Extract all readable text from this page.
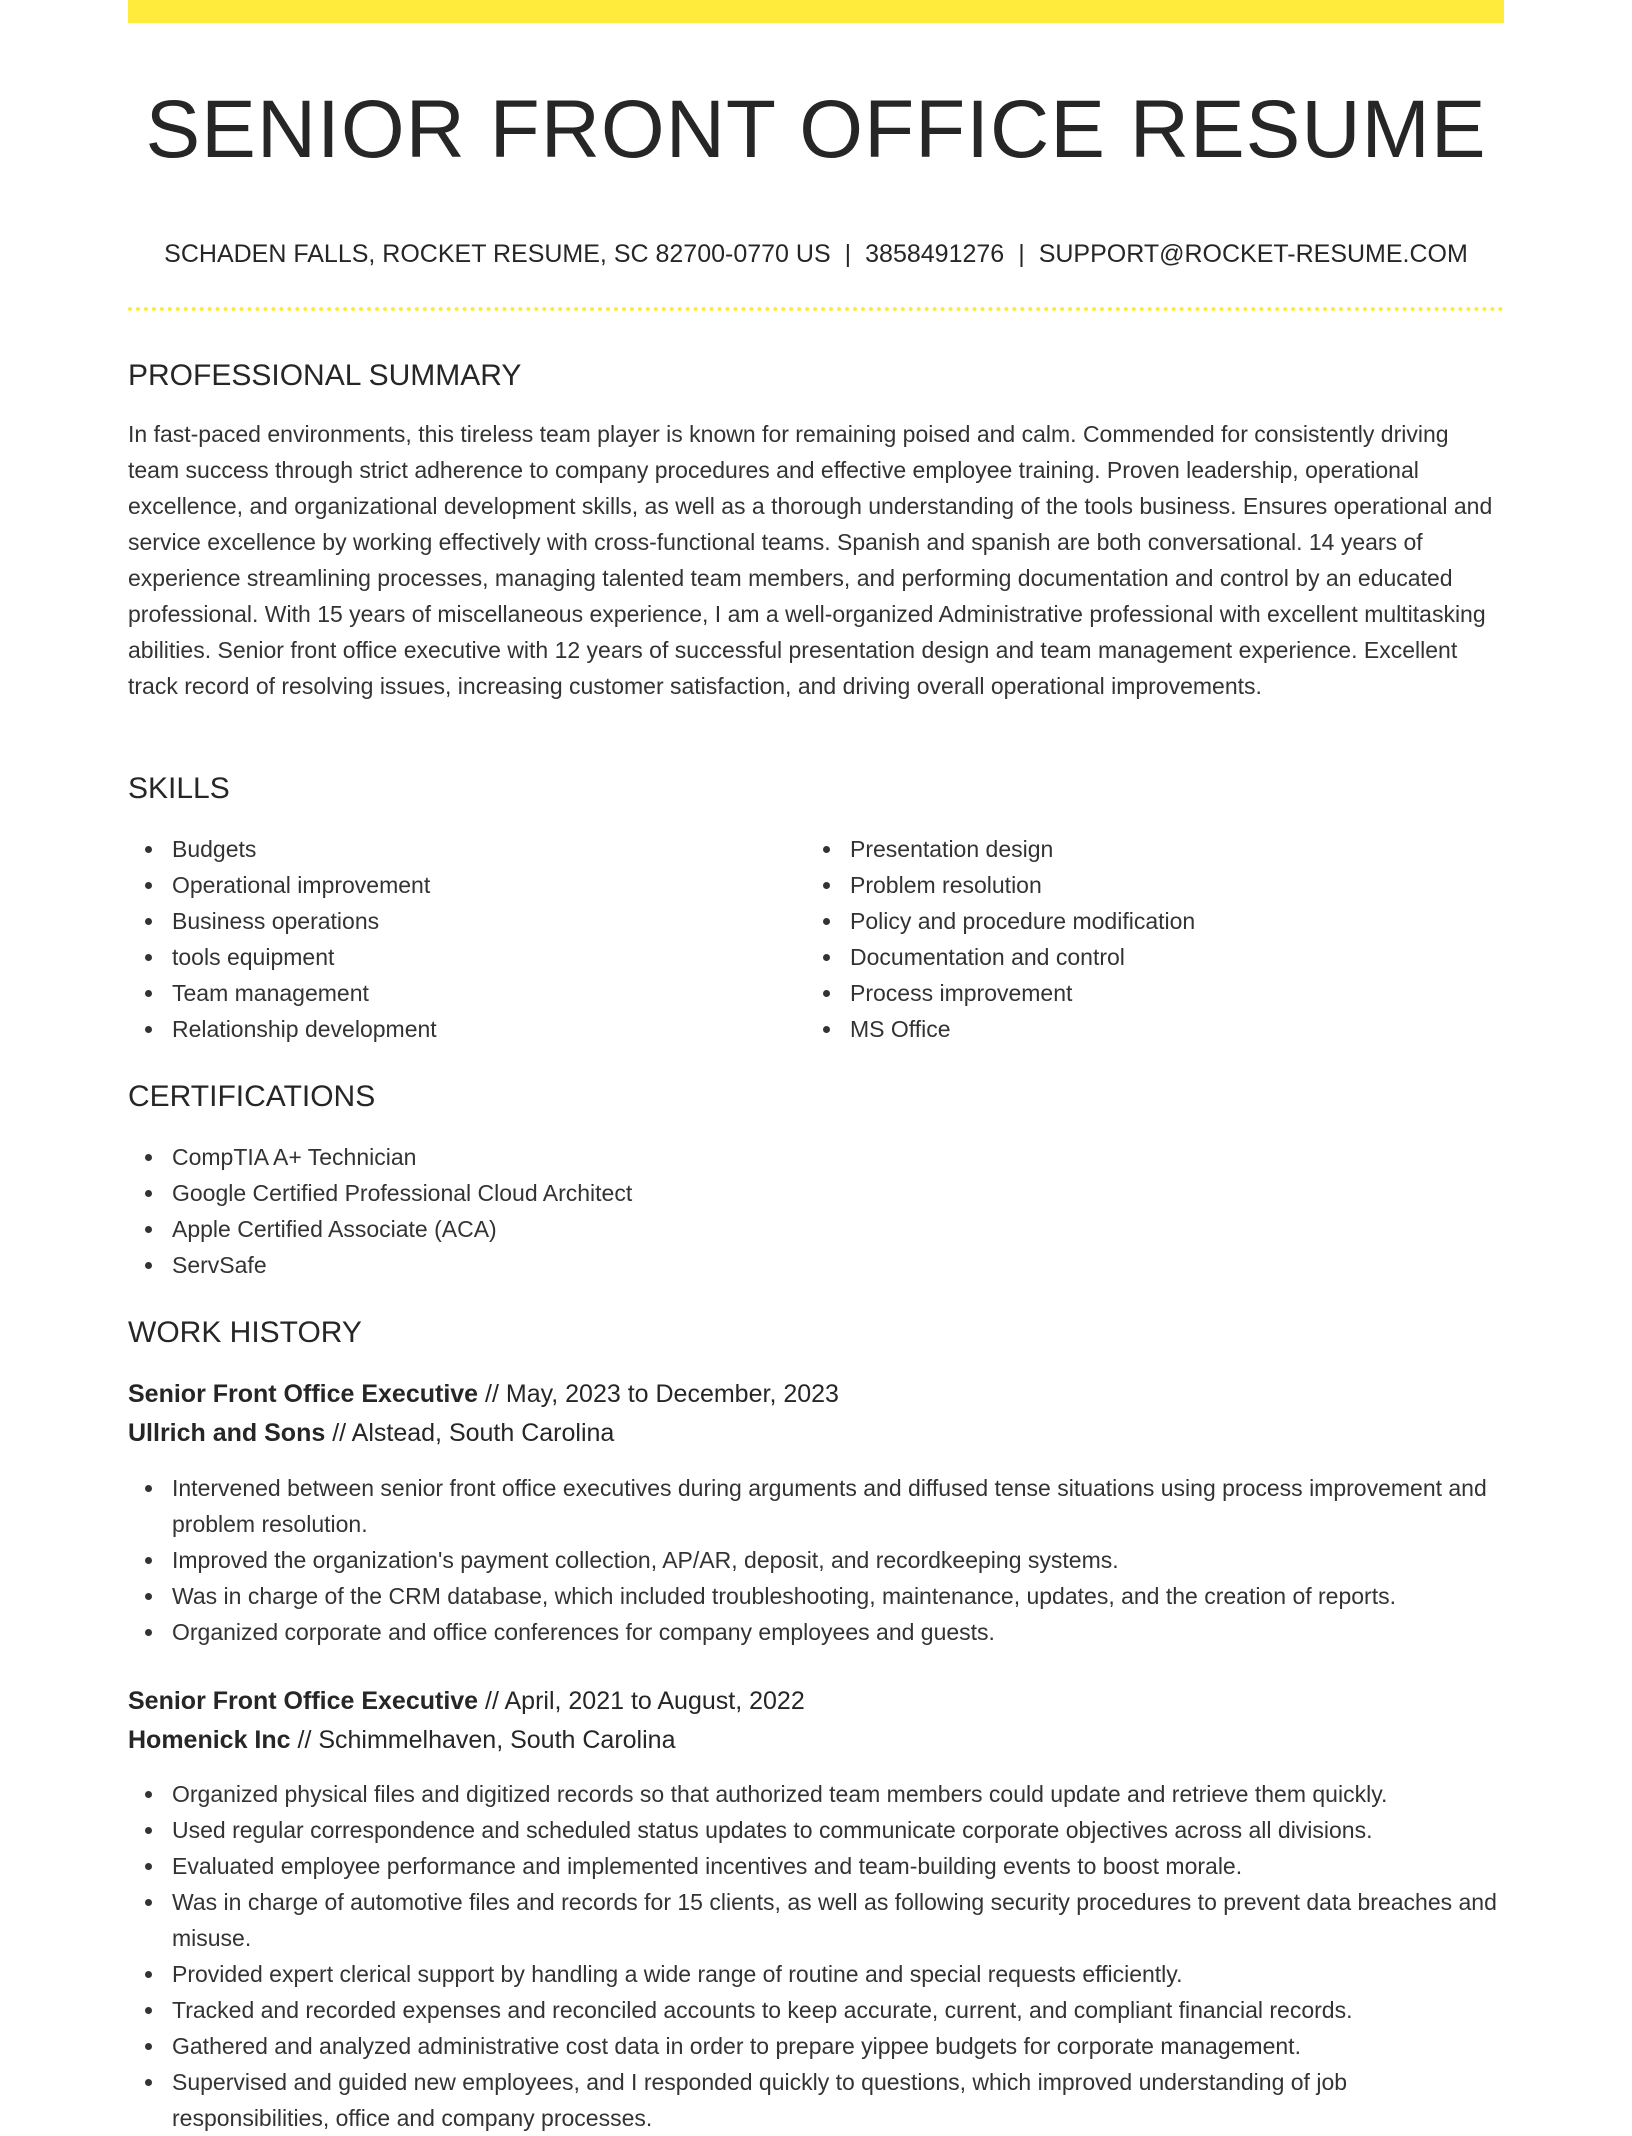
SENIOR FRONT OFFICE RESUME
SCHADEN FALLS, ROCKET RESUME, SC 82700-0770 US | 3858491276 | SUPPORT@ROCKET-RESUME.COM
PROFESSIONAL SUMMARY

In fast-paced environments, this tireless team player is known for remaining poised and calm. Commended for consistently driving team success through strict adherence to company procedures and effective employee training. Proven leadership, operational excellence, and organizational development skills, as well as a thorough understanding of the tools business. Ensures operational and service excellence by working effectively with cross-functional teams. Spanish and spanish are both conversational. 14 years of experience streamlining processes, managing talented team members, and performing documentation and control by an educated professional. With 15 years of miscellaneous experience, I am a well-organized Administrative professional with excellent multitasking abilities. Senior front office executive with 12 years of successful presentation design and team management experience. Excellent track record of resolving issues, increasing customer satisfaction, and driving overall operational improvements.

SKILLS
Budgets
Operational improvement
Business operations
tools equipment
Team management
Relationship development
Presentation design
Problem resolution
Policy and procedure modification
Documentation and control
Process improvement
MS Office
CERTIFICATIONS
CompTIA A+ Technician
Google Certified Professional Cloud Architect
Apple Certified Associate (ACA)
ServSafe
WORK HISTORY
Senior Front Office Executive // May, 2023 to December, 2023
Ullrich and Sons // Alstead, South Carolina
Intervened between senior front office executives during arguments and diffused tense situations using process improvement and problem resolution.
Improved the organization's payment collection, AP/AR, deposit, and recordkeeping systems.
Was in charge of the CRM database, which included troubleshooting, maintenance, updates, and the creation of reports.
Organized corporate and office conferences for company employees and guests.
Senior Front Office Executive // April, 2021 to August, 2022
Homenick Inc // Schimmelhaven, South Carolina
Organized physical files and digitized records so that authorized team members could update and retrieve them quickly.
Used regular correspondence and scheduled status updates to communicate corporate objectives across all divisions.
Evaluated employee performance and implemented incentives and team-building events to boost morale.
Was in charge of automotive files and records for 15 clients, as well as following security procedures to prevent data breaches and misuse.
Provided expert clerical support by handling a wide range of routine and special requests efficiently.
Tracked and recorded expenses and reconciled accounts to keep accurate, current, and compliant financial records.
Gathered and analyzed administrative cost data in order to prepare yippee budgets for corporate management.
Supervised and guided new employees, and I responded quickly to questions, which improved understanding of job responsibilities, office and company processes.
